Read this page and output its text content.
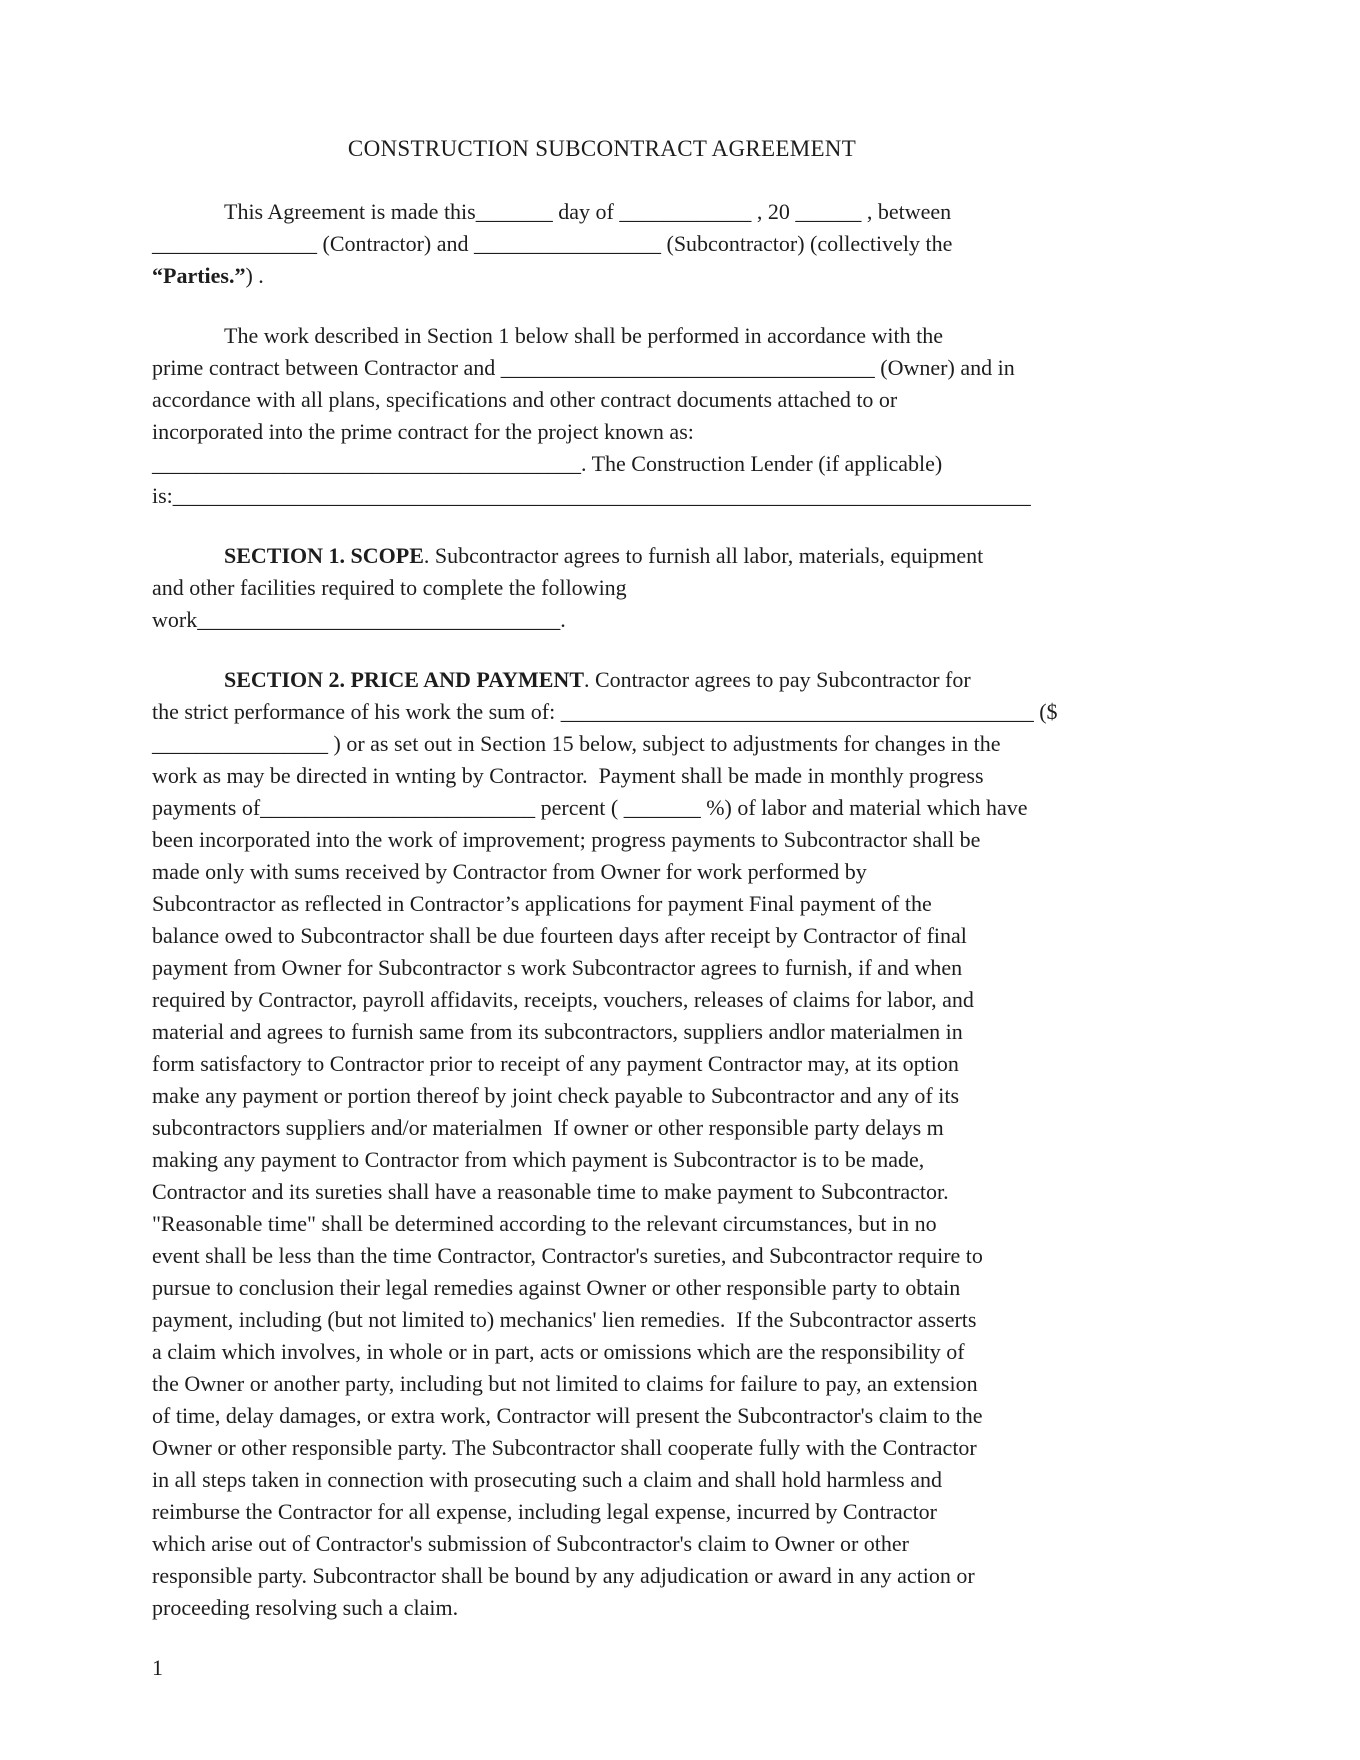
CONSTRUCTION SUBCONTRACT AGREEMENT
This Agreement is made this_______ day of ____________ , 20 ______ , between
_______________ (Contractor) and _________________ (Subcontractor) (collectively the
“Parties.”) .
The work described in Section 1 below shall be performed in accordance with the
prime contract between Contractor and __________________________________ (Owner) and in
accordance with all plans, specifications and other contract documents attached to or
incorporated into the prime contract for the project known as:
_______________________________________. The Construction Lender (if applicable)
is:______________________________________________________________________________
SECTION 1. SCOPE. Subcontractor agrees to furnish all labor, materials, equipment
and other facilities required to complete the following
work_________________________________.
SECTION 2. PRICE AND PAYMENT. Contractor agrees to pay Subcontractor for
the strict performance of his work the sum of: ___________________________________________ ($
________________ ) or as set out in Section 15 below, subject to adjustments for changes in the
work as may be directed in wnting by Contractor.  Payment shall be made in monthly progress
payments of_________________________ percent ( _______ %) of labor and material which have
been incorporated into the work of improvement; progress payments to Subcontractor shall be
made only with sums received by Contractor from Owner for work performed by
Subcontractor as reflected in Contractor’s applications for payment Final payment of the
balance owed to Subcontractor shall be due fourteen days after receipt by Contractor of final
payment from Owner for Subcontractor s work Subcontractor agrees to furnish, if and when
required by Contractor, payroll affidavits, receipts, vouchers, releases of claims for labor, and
material and agrees to furnish same from its subcontractors, suppliers andlor materialmen in
form satisfactory to Contractor prior to receipt of any payment Contractor may, at its option
make any payment or portion thereof by joint check payable to Subcontractor and any of its
subcontractors suppliers and/or materialmen  If owner or other responsible party delays m
making any payment to Contractor from which payment is Subcontractor is to be made,
Contractor and its sureties shall have a reasonable time to make payment to Subcontractor.
"Reasonable time" shall be determined according to the relevant circumstances, but in no
event shall be less than the time Contractor, Contractor's sureties, and Subcontractor require to
pursue to conclusion their legal remedies against Owner or other responsible party to obtain
payment, including (but not limited to) mechanics' lien remedies.  If the Subcontractor asserts
a claim which involves, in whole or in part, acts or omissions which are the responsibility of
the Owner or another party, including but not limited to claims for failure to pay, an extension
of time, delay damages, or extra work, Contractor will present the Subcontractor's claim to the
Owner or other responsible party. The Subcontractor shall cooperate fully with the Contractor
in all steps taken in connection with prosecuting such a claim and shall hold harmless and
reimburse the Contractor for all expense, including legal expense, incurred by Contractor
which arise out of Contractor's submission of Subcontractor's claim to Owner or other
responsible party. Subcontractor shall be bound by any adjudication or award in any action or
proceeding resolving such a claim.
1
